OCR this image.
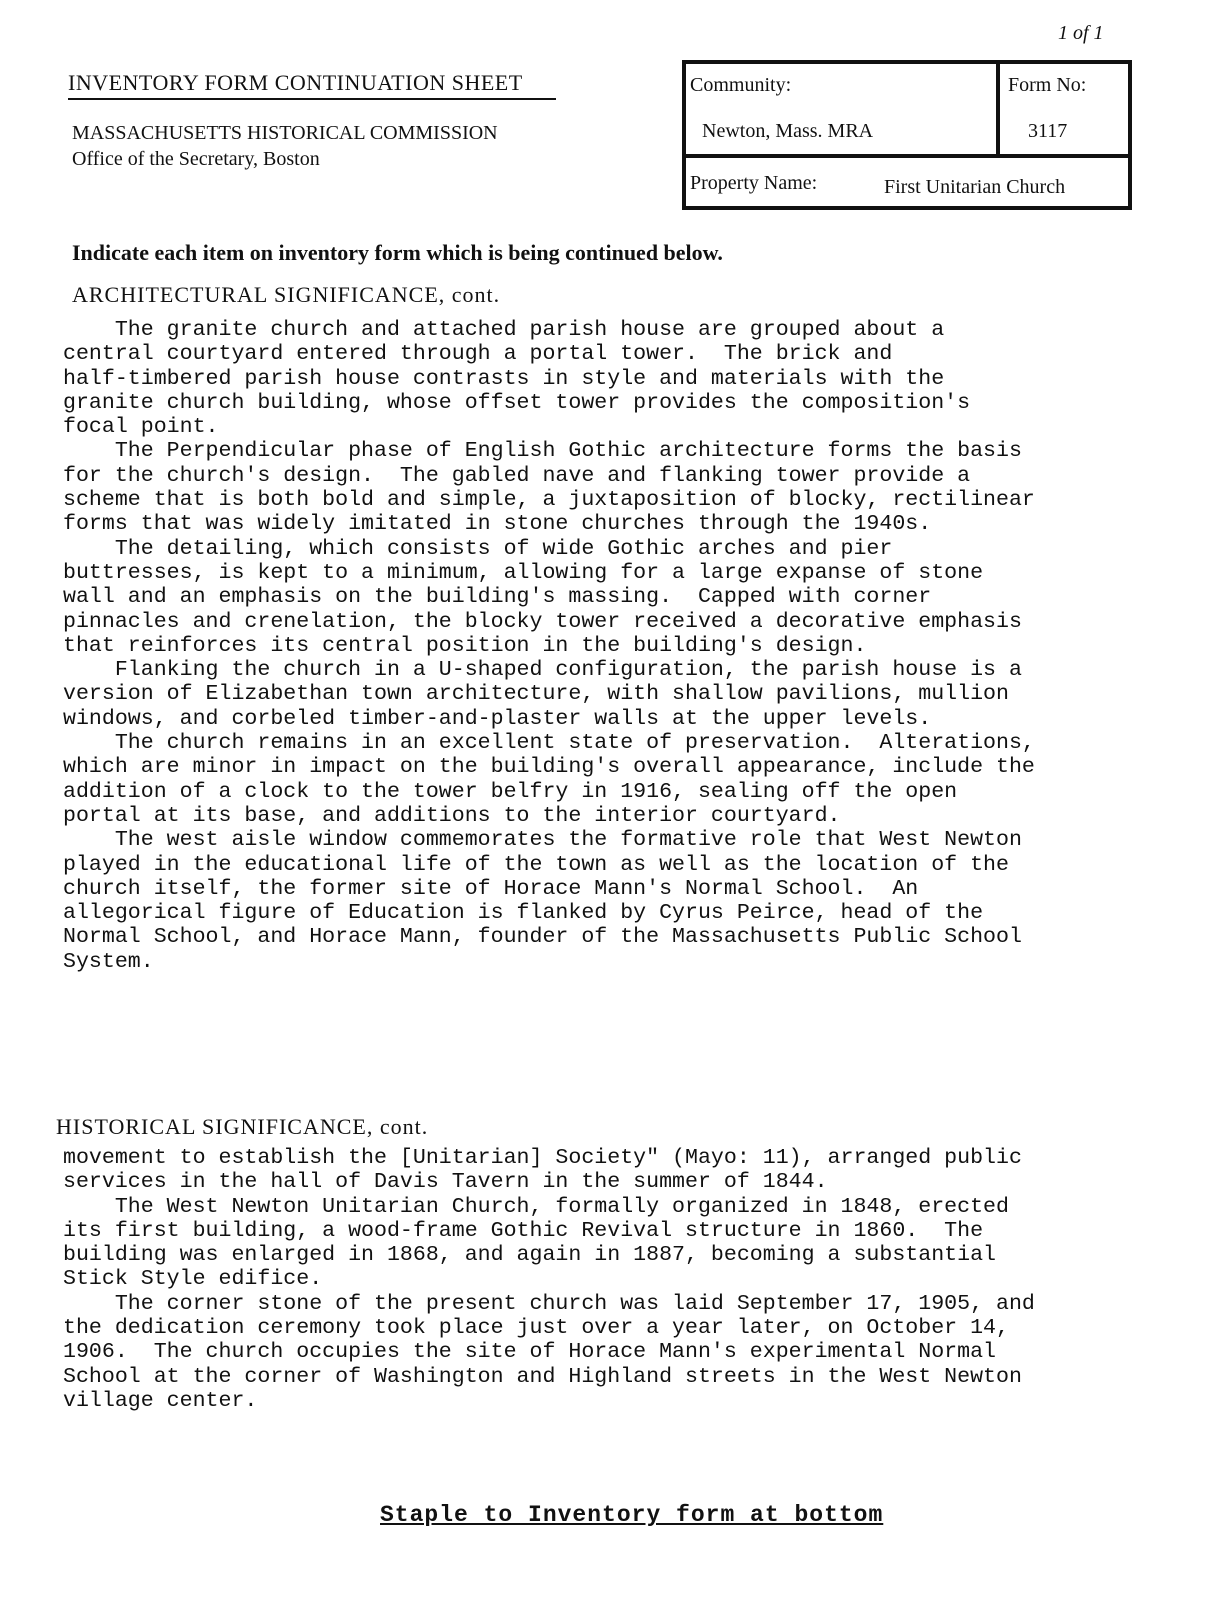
1 of 1
INVENTORY FORM CONTINUATION SHEET
MASSACHUSETTS HISTORICAL COMMISSION
Office of the Secretary, Boston
Community:
Newton, Mass. MRA
Form No:
3117
Property Name:	First Unitarian Church
Indicate each item on inventory form which is being continued below.
ARCHITECTURAL SIGNIFICANCE, cont.
The granite church and attached parish house are grouped about a
central courtyard entered through a portal tower.  The brick and
half-timbered parish house contrasts in style and materials with the
granite church building, whose offset tower provides the composition's
focal point.
The Perpendicular phase of English Gothic architecture forms the basis
for the church's design.  The gabled nave and flanking tower provide a
scheme that is both bold and simple, a juxtaposition of blocky, rectilinear
forms that was widely imitated in stone churches through the 1940s.
The detailing, which consists of wide Gothic arches and pier
buttresses, is kept to a minimum, allowing for a large expanse of stone
wall and an emphasis on the building's massing.  Capped with corner
pinnacles and crenelation, the blocky tower received a decorative emphasis
that reinforces its central position in the building's design.
Flanking the church in a U-shaped configuration, the parish house is a
version of Elizabethan town architecture, with shallow pavilions, mullion
windows, and corbeled timber-and-plaster walls at the upper levels.
The church remains in an excellent state of preservation.  Alterations,
which are minor in impact on the building's overall appearance, include the
addition of a clock to the tower belfry in 1916, sealing off the open
portal at its base, and additions to the interior courtyard.
The west aisle window commemorates the formative role that West Newton
played in the educational life of the town as well as the location of the
church itself, the former site of Horace Mann's Normal School.  An
allegorical figure of Education is flanked by Cyrus Peirce, head of the
Normal School, and Horace Mann, founder of the Massachusetts Public School
System.
HISTORICAL SIGNIFICANCE, cont.
movement to establish the [Unitarian] Society" (Mayo: 11), arranged public
services in the hall of Davis Tavern in the summer of 1844.
The West Newton Unitarian Church, formally organized in 1848, erected
its first building, a wood-frame Gothic Revival structure in 1860.  The
building was enlarged in 1868, and again in 1887, becoming a substantial
Stick Style edifice.
The corner stone of the present church was laid September 17, 1905, and
the dedication ceremony took place just over a year later, on October 14,
1906.  The church occupies the site of Horace Mann's experimental Normal
School at the corner of Washington and Highland streets in the West Newton
village center.
Staple to Inventory form at bottom
